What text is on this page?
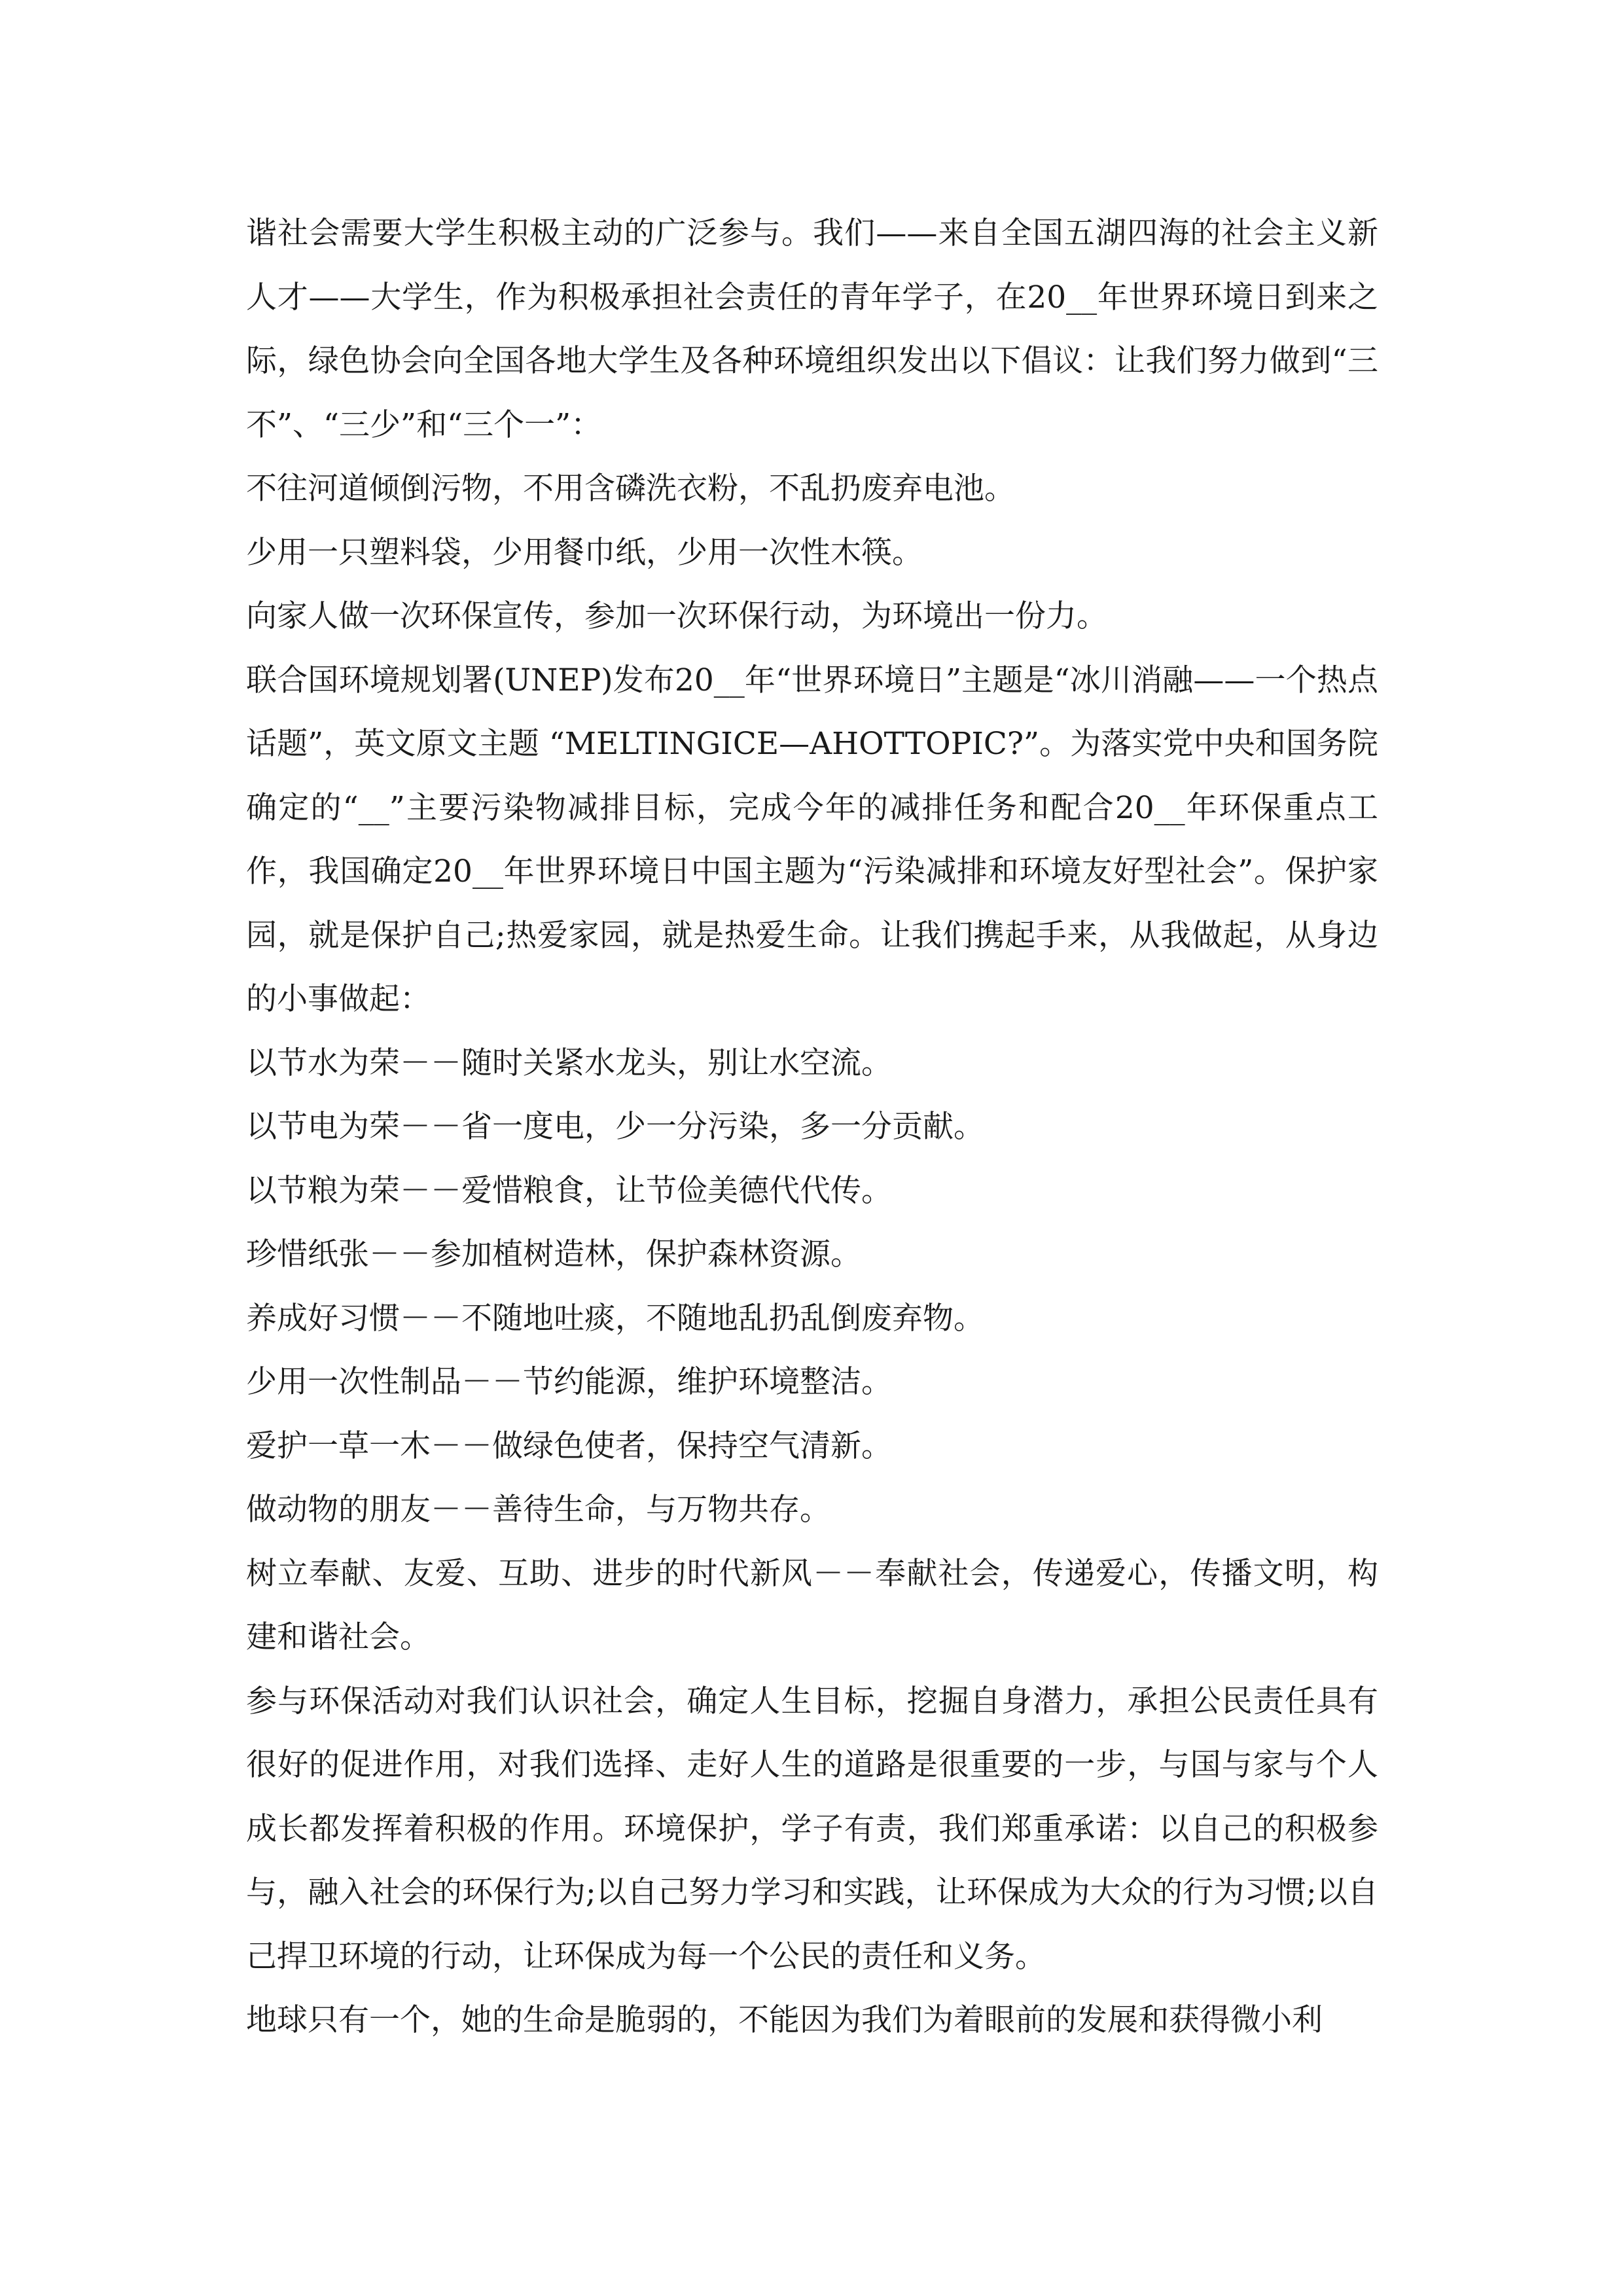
谐社会需要大学生积极主动的广泛参与。我们——来自全国五湖四海的社会主义新人才——大学生，作为积极承担社会责任的青年学子，在20__年世界环境日到来之际，绿色协会向全国各地大学生及各种环境组织发出以下倡议：让我们努力做到“三不”、“三少”和“三个一”：

不往河道倾倒污物，不用含磷洗衣粉，不乱扔废弃电池。

少用一只塑料袋，少用餐巾纸，少用一次性木筷。

向家人做一次环保宣传，参加一次环保行动，为环境出一份力。

联合国环境规划署(UNEP)发布20__年“世界环境日”主题是“冰川消融——一个热点话题”，英文原文主题 “MELTINGICE—AHOTTOPIC?”。为落实党中央和国务院确定的“__”主要污染物减排目标，完成今年的减排任务和配合20__年环保重点工作，我国确定20__年世界环境日中国主题为“污染减排和环境友好型社会”。保护家园，就是保护自己;热爱家园，就是热爱生命。让我们携起手来，从我做起，从身边的小事做起：

以节水为荣－－随时关紧水龙头，别让水空流。

以节电为荣－－省一度电，少一分污染，多一分贡献。

以节粮为荣－－爱惜粮食，让节俭美德代代传。

珍惜纸张－－参加植树造林，保护森林资源。

养成好习惯－－不随地吐痰，不随地乱扔乱倒废弃物。

少用一次性制品－－节约能源，维护环境整洁。

爱护一草一木－－做绿色使者，保持空气清新。

做动物的朋友－－善待生命，与万物共存。

树立奉献、友爱、互助、进步的时代新风－－奉献社会，传递爱心，传播文明，构建和谐社会。

参与环保活动对我们认识社会，确定人生目标，挖掘自身潜力，承担公民责任具有很好的促进作用，对我们选择、走好人生的道路是很重要的一步，与国与家与个人成长都发挥着积极的作用。环境保护，学子有责，我们郑重承诺：以自己的积极参与，融入社会的环保行为;以自己努力学习和实践，让环保成为大众的行为习惯;以自己捍卫环境的行动，让环保成为每一个公民的责任和义务。

地球只有一个，她的生命是脆弱的，不能因为我们为着眼前的发展和获得微小利
